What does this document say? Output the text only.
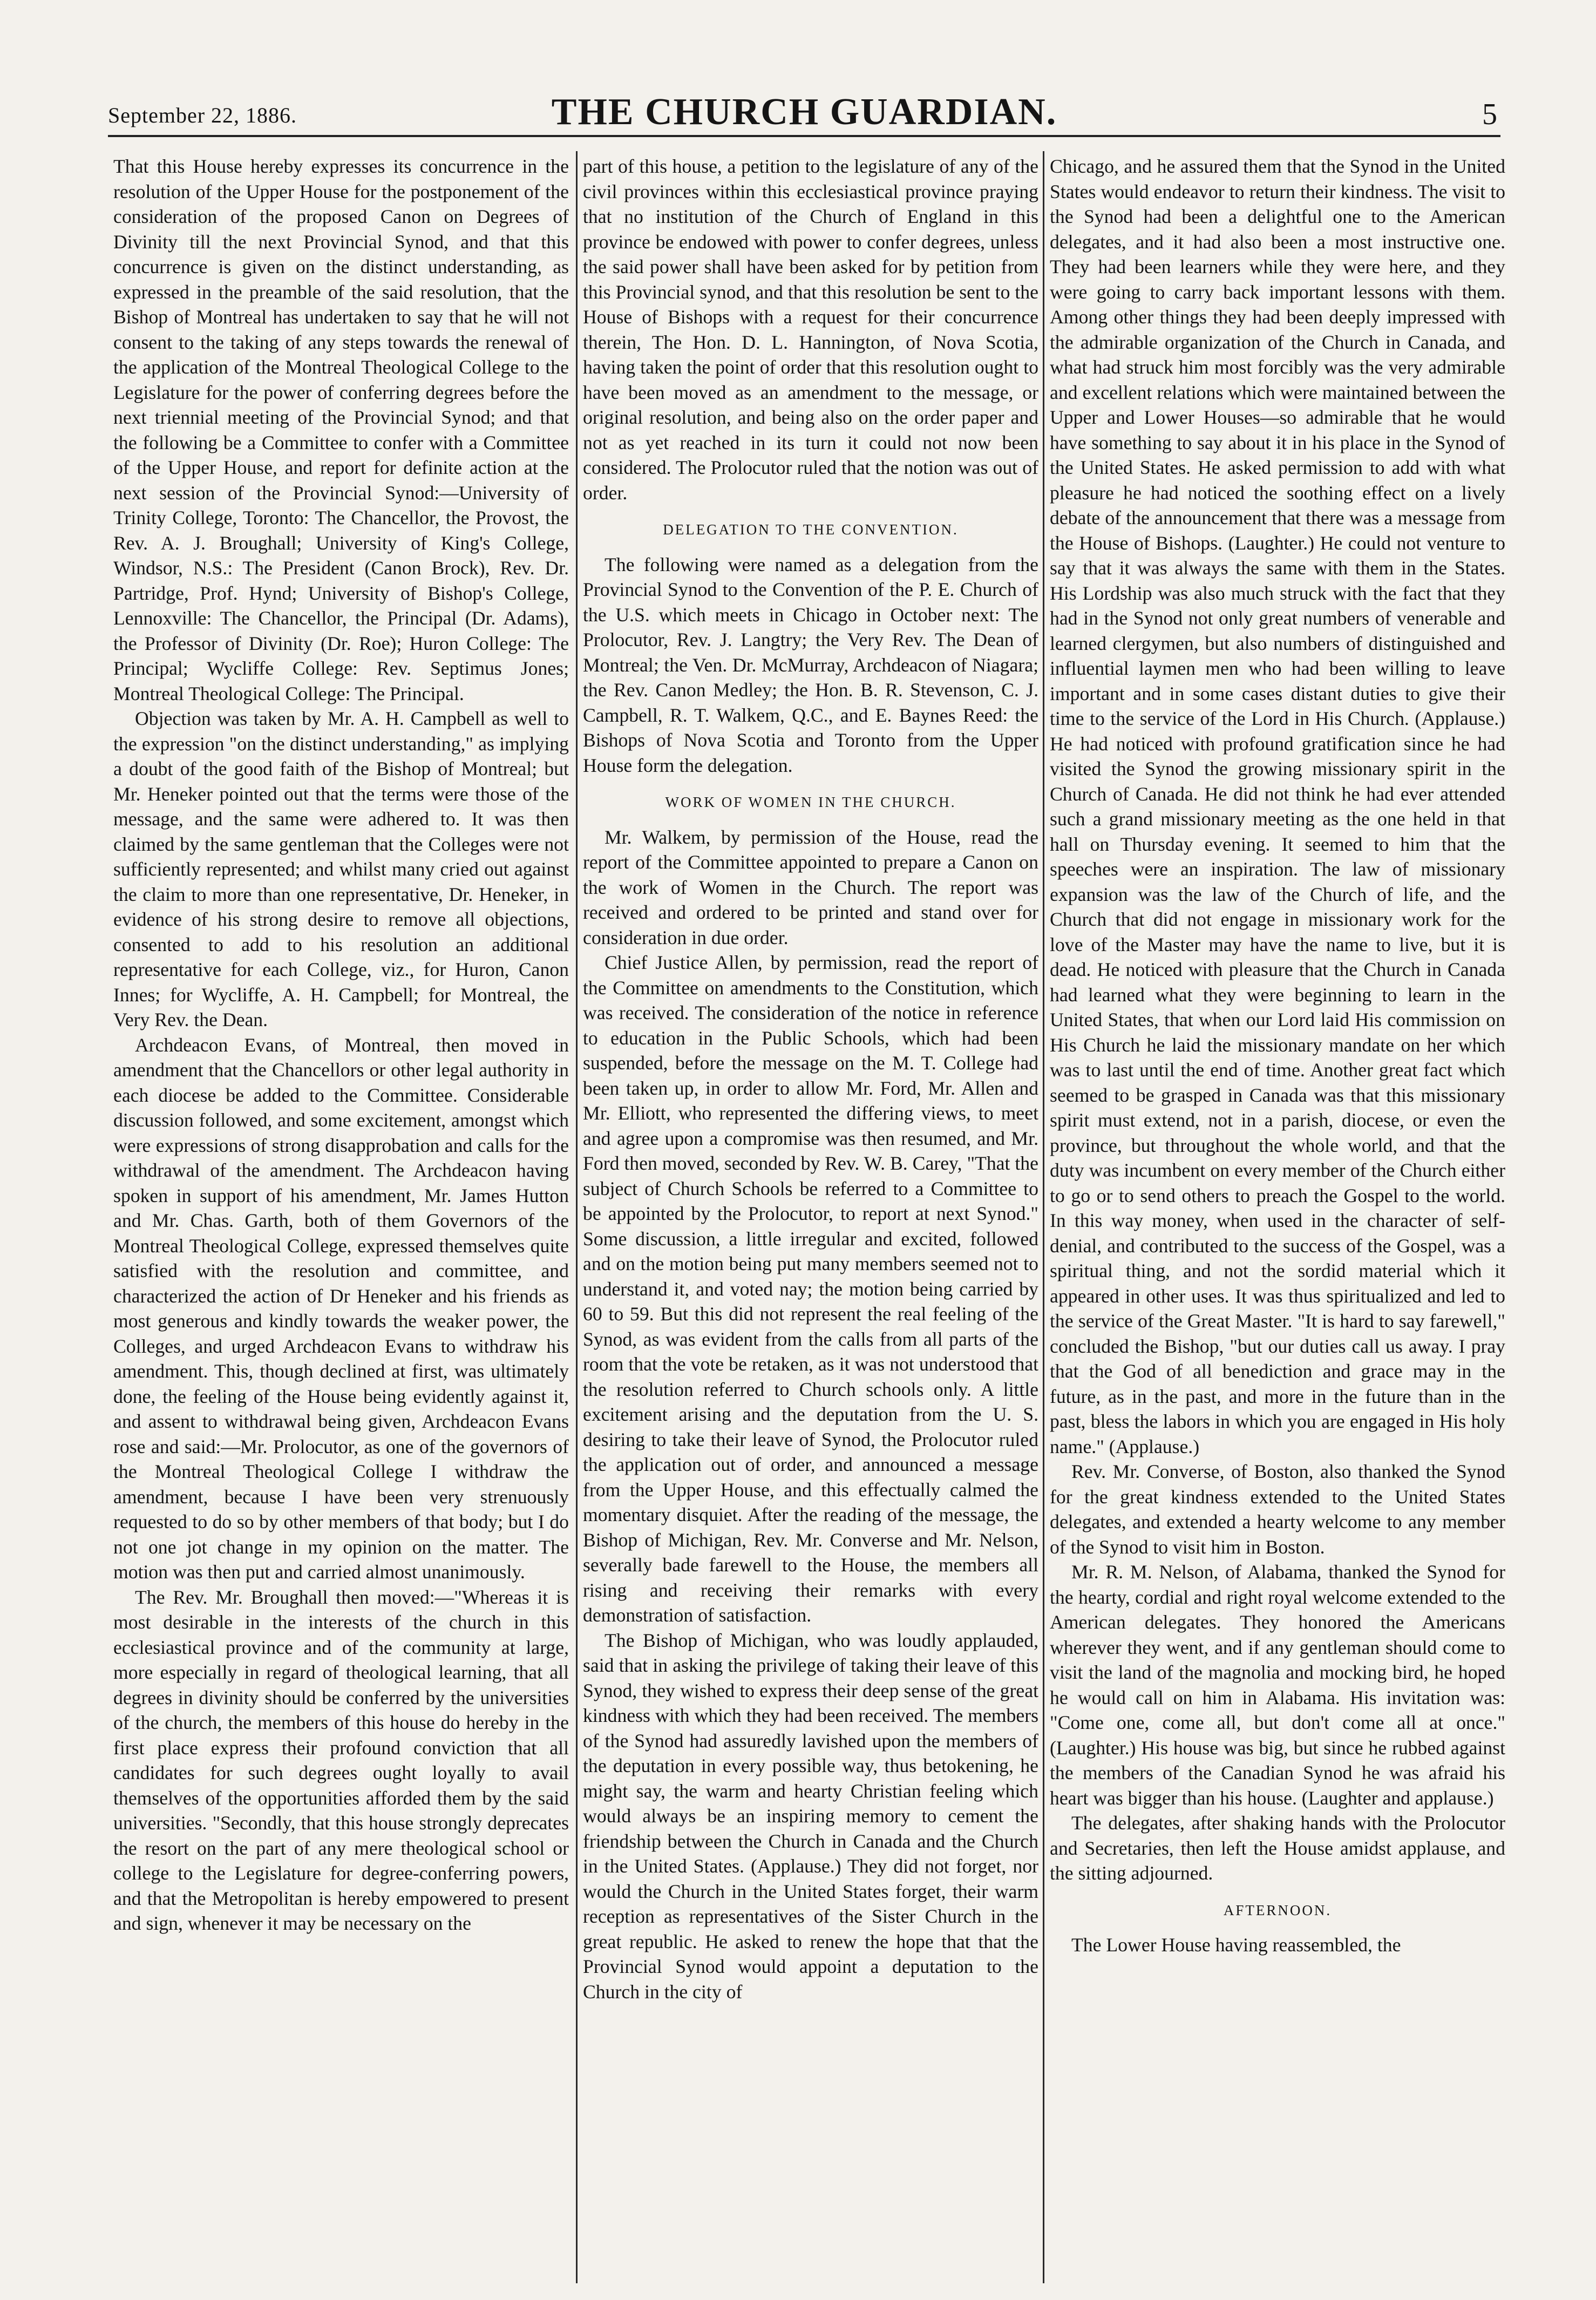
September 22, 1886.	THE CHURCH GUARDIAN.	5

That this House hereby expresses its concurrence in the resolution of the Upper House for the postponement of the consideration of the proposed Canon on Degrees of Divinity till the next Provincial Synod, and that this concurrence is given on the distinct understanding, as expressed in the preamble of the said resolution, that the Bishop of Montreal has undertaken to say that he will not consent to the taking of any steps towards the renewal of the application of the Montreal Theological College to the Legislature for the power of conferring degrees before the next triennial meeting of the Provincial Synod; and that the following be a Committee to confer with a Committee of the Upper House, and report for definite action at the next session of the Provincial Synod:—University of Trinity College, Toronto: The Chancellor, the Provost, the Rev. A. J. Broughall; University of King's College, Windsor, N.S.: The President (Canon Brock), Rev. Dr. Partridge, Prof. Hynd; University of Bishop's College, Lennoxville: The Chancellor, the Principal (Dr. Adams), the Professor of Divinity (Dr. Roe); Huron College: The Principal; Wycliffe College: Rev. Septimus Jones; Montreal Theological College: The Principal.

Objection was taken by Mr. A. H. Campbell as well to the expression "on the distinct understanding," as implying a doubt of the good faith of the Bishop of Montreal; but Mr. Heneker pointed out that the terms were those of the message, and the same were adhered to. It was then claimed by the same gentleman that the Colleges were not sufficiently represented; and whilst many cried out against the claim to more than one representative, Dr. Heneker, in evidence of his strong desire to remove all objections, consented to add to his resolution an additional representative for each College, viz., for Huron, Canon Innes; for Wycliffe, A. H. Campbell; for Montreal, the Very Rev. the Dean.

Archdeacon Evans, of Montreal, then moved in amendment that the Chancellors or other legal authority in each diocese be added to the Committee. Considerable discussion followed, and some excitement, amongst which were expressions of strong disapprobation and calls for the withdrawal of the amendment. The Archdeacon having spoken in support of his amendment, Mr. James Hutton and Mr. Chas. Garth, both of them Governors of the Montreal Theological College, expressed themselves quite satisfied with the resolution and committee, and characterized the action of Dr Heneker and his friends as most generous and kindly towards the weaker power, the Colleges, and urged Archdeacon Evans to withdraw his amendment. This, though declined at first, was ultimately done, the feeling of the House being evidently against it, and assent to withdrawal being given, Archdeacon Evans rose and said:—Mr. Prolocutor, as one of the governors of the Montreal Theological College I withdraw the amendment, because I have been very strenuously requested to do so by other members of that body; but I do not one jot change in my opinion on the matter. The motion was then put and carried almost unanimously.

The Rev. Mr. Broughall then moved:—"Whereas it is most desirable in the interests of the church in this ecclesiastical province and of the community at large, more especially in regard of theological learning, that all degrees in divinity should be conferred by the universities of the church, the members of this house do hereby in the first place express their profound conviction that all candidates for such degrees ought loyally to avail themselves of the opportunities afforded them by the said universities. "Secondly, that this house strongly deprecates the resort on the part of any mere theological school or college to the Legislature for degree-conferring powers, and that the Metropolitan is hereby empowered to present and sign, whenever it may be necessary on the

part of this house, a petition to the legislature of any of the civil provinces within this ecclesiastical province praying that no institution of the Church of England in this province be endowed with power to confer degrees, unless the said power shall have been asked for by petition from this Provincial synod, and that this resolution be sent to the House of Bishops with a request for their concurrence therein, The Hon. D. L. Hannington, of Nova Scotia, having taken the point of order that this resolution ought to have been moved as an amendment to the message, or original resolution, and being also on the order paper and not as yet reached in its turn it could not now been considered. The Prolocutor ruled that the notion was out of order.

DELEGATION TO THE CONVENTION.

The following were named as a delegation from the Provincial Synod to the Convention of the P. E. Church of the U.S. which meets in Chicago in October next: The Prolocutor, Rev. J. Langtry; the Very Rev. The Dean of Montreal; the Ven. Dr. McMurray, Archdeacon of Niagara; the Rev. Canon Medley; the Hon. B. R. Stevenson, C. J. Campbell, R. T. Walkem, Q.C., and E. Baynes Reed: the Bishops of Nova Scotia and Toronto from the Upper House form the delegation.

WORK OF WOMEN IN THE CHURCH.

Mr. Walkem, by permission of the House, read the report of the Committee appointed to prepare a Canon on the work of Women in the Church. The report was received and ordered to be printed and stand over for consideration in due order.

Chief Justice Allen, by permission, read the report of the Committee on amendments to the Constitution, which was received. The consideration of the notice in reference to education in the Public Schools, which had been suspended, before the message on the M. T. College had been taken up, in order to allow Mr. Ford, Mr. Allen and Mr. Elliott, who represented the differing views, to meet and agree upon a compromise was then resumed, and Mr. Ford then moved, seconded by Rev. W. B. Carey, "That the subject of Church Schools be referred to a Committee to be appointed by the Prolocutor, to report at next Synod." Some discussion, a little irregular and excited, followed and on the motion being put many members seemed not to understand it, and voted nay; the motion being carried by 60 to 59. But this did not represent the real feeling of the Synod, as was evident from the calls from all parts of the room that the vote be retaken, as it was not understood that the resolution referred to Church schools only. A little excitement arising and the deputation from the U. S. desiring to take their leave of Synod, the Prolocutor ruled the application out of order, and announced a message from the Upper House, and this effectually calmed the momentary disquiet. After the reading of the message, the Bishop of Michigan, Rev. Mr. Converse and Mr. Nelson, severally bade farewell to the House, the members all rising and receiving their remarks with every demonstration of satisfaction.

The Bishop of Michigan, who was loudly applauded, said that in asking the privilege of taking their leave of this Synod, they wished to express their deep sense of the great kindness with which they had been received. The members of the Synod had assuredly lavished upon the members of the deputation in every possible way, thus betokening, he might say, the warm and hearty Christian feeling which would always be an inspiring memory to cement the friendship between the Church in Canada and the Church in the United States. (Applause.) They did not forget, nor would the Church in the United States forget, their warm reception as representatives of the Sister Church in the great republic. He asked to renew the hope that that the Provincial Synod would appoint a deputation to the Church in the city of

Chicago, and he assured them that the Synod in the United States would endeavor to return their kindness. The visit to the Synod had been a delightful one to the American delegates, and it had also been a most instructive one. They had been learners while they were here, and they were going to carry back important lessons with them. Among other things they had been deeply impressed with the admirable organization of the Church in Canada, and what had struck him most forcibly was the very admirable and excellent relations which were maintained between the Upper and Lower Houses—so admirable that he would have something to say about it in his place in the Synod of the United States. He asked permission to add with what pleasure he had noticed the soothing effect on a lively debate of the announcement that there was a message from the House of Bishops. (Laughter.) He could not venture to say that it was always the same with them in the States. His Lordship was also much struck with the fact that they had in the Synod not only great numbers of venerable and learned clergymen, but also numbers of distinguished and influential laymen men who had been willing to leave important and in some cases distant duties to give their time to the service of the Lord in His Church. (Applause.) He had noticed with profound gratification since he had visited the Synod the growing missionary spirit in the Church of Canada. He did not think he had ever attended such a grand missionary meeting as the one held in that hall on Thursday evening. It seemed to him that the speeches were an inspiration. The law of missionary expansion was the law of the Church of life, and the Church that did not engage in missionary work for the love of the Master may have the name to live, but it is dead. He noticed with pleasure that the Church in Canada had learned what they were beginning to learn in the United States, that when our Lord laid His commission on His Church he laid the missionary mandate on her which was to last until the end of time. Another great fact which seemed to be grasped in Canada was that this missionary spirit must extend, not in a parish, diocese, or even the province, but throughout the whole world, and that the duty was incumbent on every member of the Church either to go or to send others to preach the Gospel to the world. In this way money, when used in the character of self-denial, and contributed to the success of the Gospel, was a spiritual thing, and not the sordid material which it appeared in other uses. It was thus spiritualized and led to the service of the Great Master. "It is hard to say farewell," concluded the Bishop, "but our duties call us away. I pray that the God of all benediction and grace may in the future, as in the past, and more in the future than in the past, bless the labors in which you are engaged in His holy name." (Applause.)

Rev. Mr. Converse, of Boston, also thanked the Synod for the great kindness extended to the United States delegates, and extended a hearty welcome to any member of the Synod to visit him in Boston.

Mr. R. M. Nelson, of Alabama, thanked the Synod for the hearty, cordial and right royal welcome extended to the American delegates. They honored the Americans wherever they went, and if any gentleman should come to visit the land of the magnolia and mocking bird, he hoped he would call on him in Alabama. His invitation was: "Come one, come all, but don't come all at once." (Laughter.) His house was big, but since he rubbed against the members of the Canadian Synod he was afraid his heart was bigger than his house. (Laughter and applause.)

The delegates, after shaking hands with the Prolocutor and Secretaries, then left the House amidst applause, and the sitting adjourned.

AFTERNOON.

The Lower House having reassembled, the
